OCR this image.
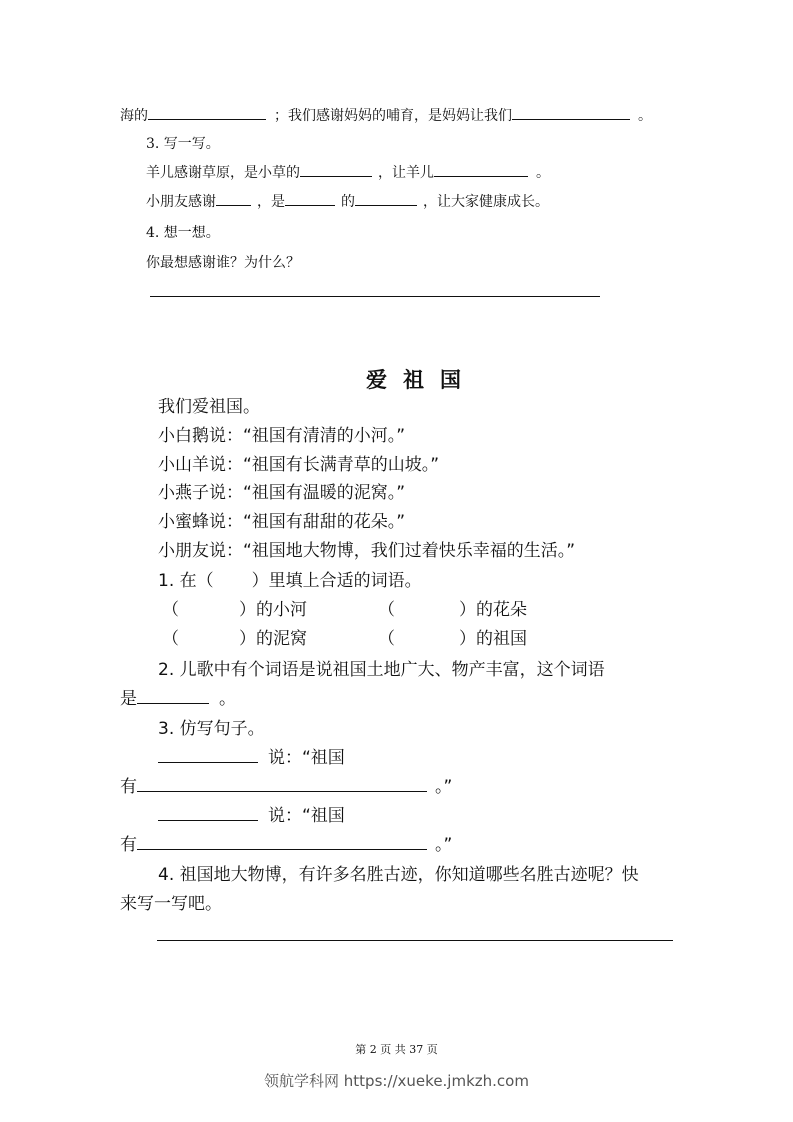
海的	；我们感谢妈妈的哺育，是妈妈让我们	。
3. 写一写。
羊儿感谢草原，是小草的	，让羊儿	。
小朋友感谢	，是	的	，让大家健康成长。
4. 想一想。
你最想感谢谁？为什么？
爱祖国
我们爱祖国。
小白鹅说：“祖国有清清的小河。”
小山羊说：“祖国有长满青草的山坡。”
小燕子说：“祖国有温暖的泥窝。”
小蜜蜂说：“祖国有甜甜的花朵。”
小朋友说：“祖国地大物博，我们过着快乐幸福的生活。”
1. 在（ ）里填上合适的词语。
（	）的小河	（	）的花朵
（	）的泥窝	（	）的祖国
2. 儿歌中有个词语是说祖国土地广大、物产丰富，这个词语
是	。
3. 仿写句子。
说：“祖国
有	。”
说：“祖国
有	。”
4. 祖国地大物博，有许多名胜古迹，你知道哪些名胜古迹呢？快
来写一写吧。
第 2 页 共 37 页
领航学科网 https://xueke.jmkzh.com
